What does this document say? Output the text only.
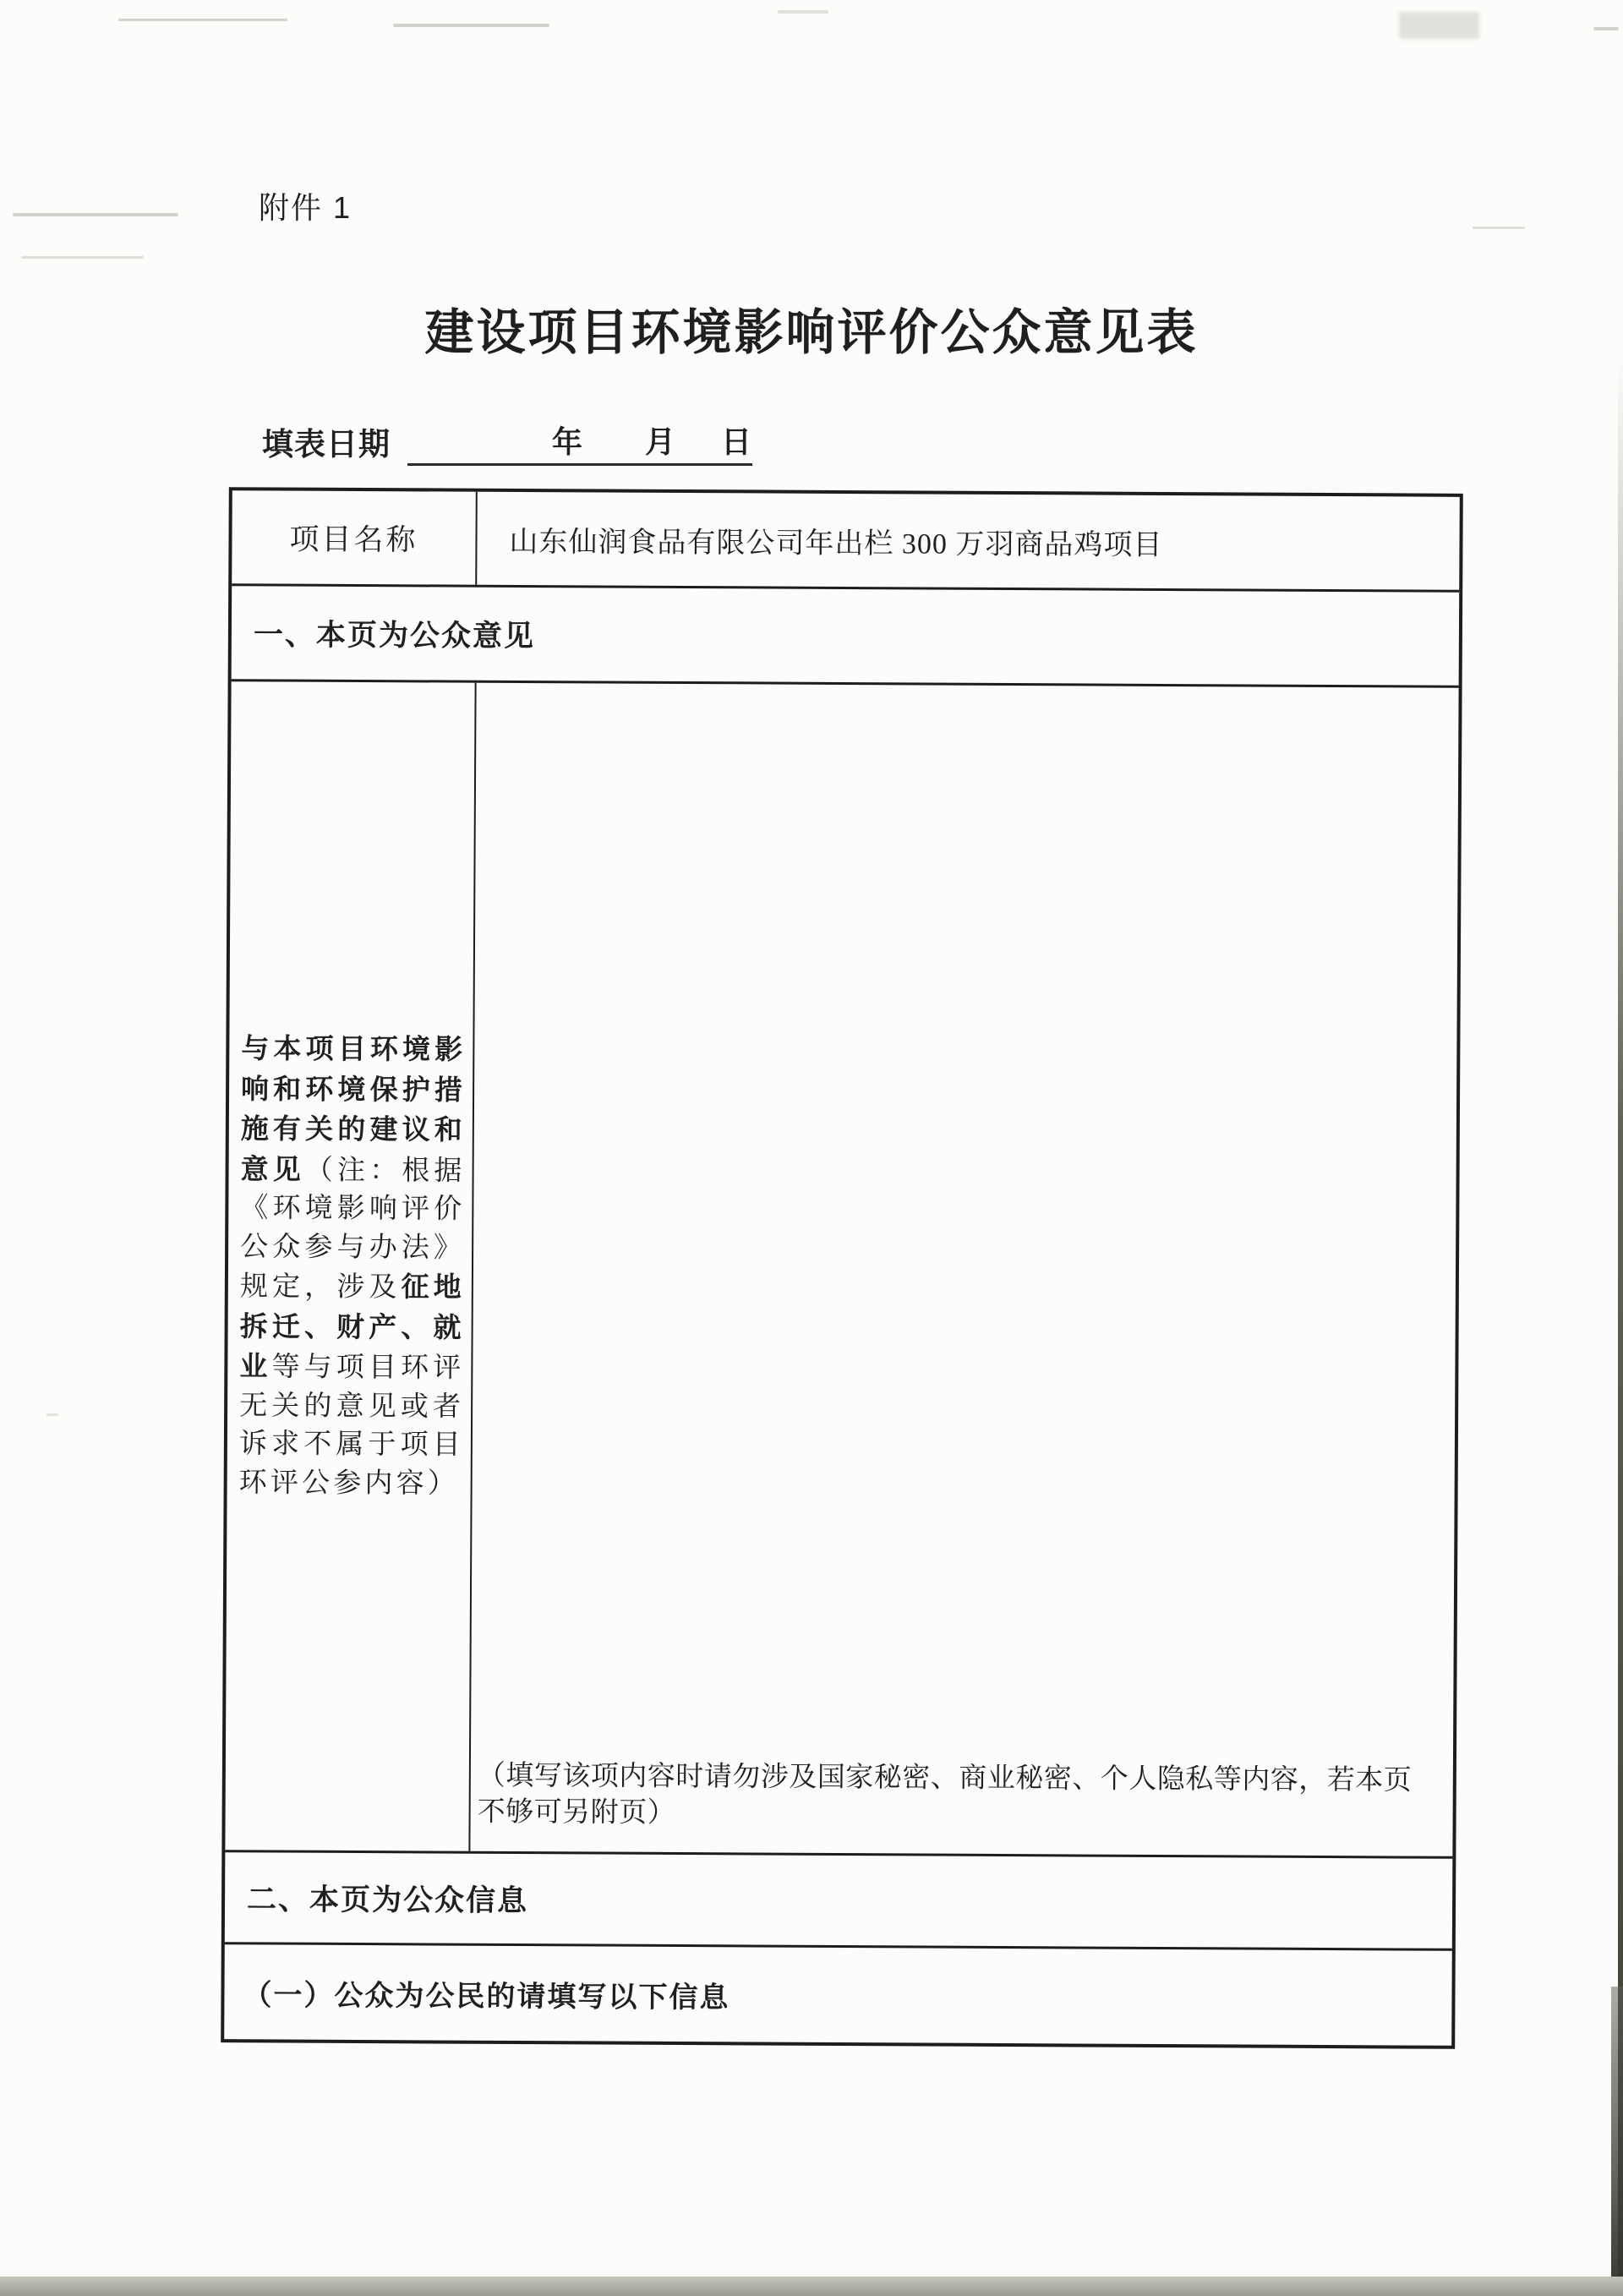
附件 1
建设项目环境影响评价公众意见表
填表日期	年 月 日
项目名称	山东仙润食品有限公司年出栏 300 万羽商品鸡项目
一、本页为公众意见

与本项目环境影响和环境保护措施有关的建议和意见（注：根据《环境影响评价公众参与办法》规定，涉及征地拆迁、财产、就业等与项目环评无关的意见或者诉求不属于项目环评公参内容）

（填写该项内容时请勿涉及国家秘密、商业秘密、个人隐私等内容，若本页不够可另附页）
二、本页为公众信息
（一）公众为公民的请填写以下信息
